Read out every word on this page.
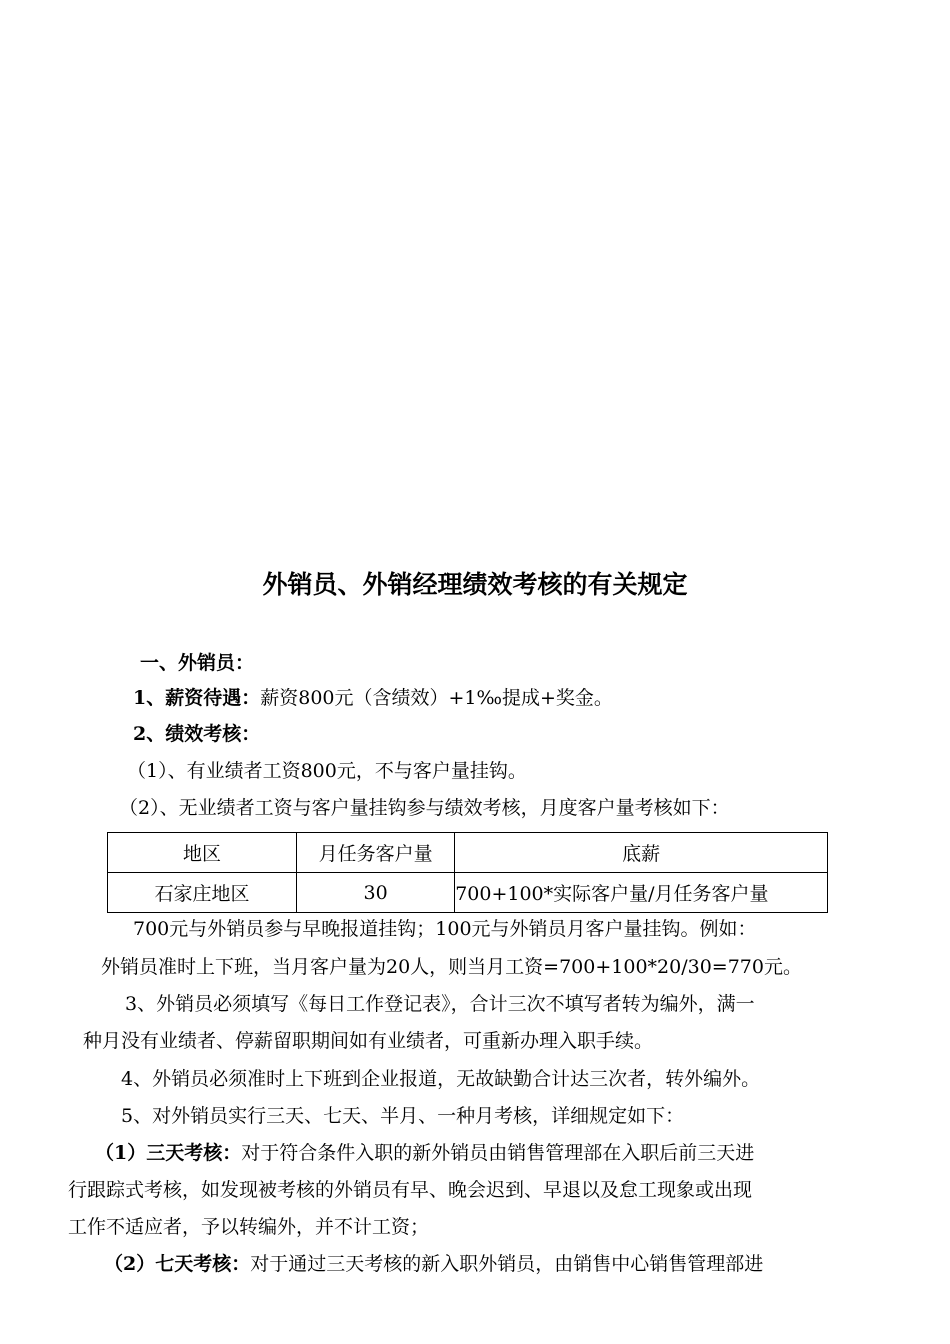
外销员、外销经理绩效考核的有关规定
一、外销员：
1、薪资待遇：薪资800元（含绩效）+1‰提成+奖金。
2、绩效考核：
（1）、有业绩者工资800元，不与客户量挂钩。
（2）、无业绩者工资与客户量挂钩参与绩效考核，月度客户量考核如下：
地区	月任务客户量	底薪
石家庄地区	30	700+100*实际客户量/月任务客户量
700元与外销员参与早晚报道挂钩；100元与外销员月客户量挂钩。例如：
外销员准时上下班，当月客户量为20人，则当月工资=700+100*20/30=770元。
3、外销员必须填写《每日工作登记表》，合计三次不填写者转为编外，满一
种月没有业绩者、停薪留职期间如有业绩者，可重新办理入职手续。
4、外销员必须准时上下班到企业报道，无故缺勤合计达三次者，转外编外。
5、对外销员实行三天、七天、半月、一种月考核，详细规定如下：
（1）三天考核：对于符合条件入职的新外销员由销售管理部在入职后前三天进
行跟踪式考核，如发现被考核的外销员有早、晚会迟到、早退以及怠工现象或出现
工作不适应者，予以转编外，并不计工资；
（2）七天考核：对于通过三天考核的新入职外销员，由销售中心销售管理部进
